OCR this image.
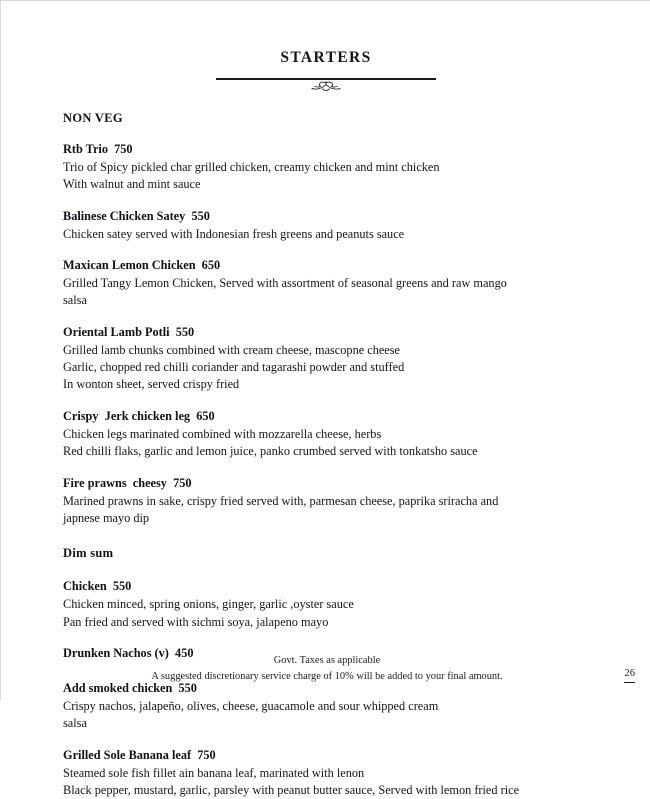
STARTERS
NON VEG
Rtb Trio  750
Trio of Spicy pickled char grilled chicken, creamy chicken and mint chicken
With walnut and mint sauce
Balinese Chicken Satey  550
Chicken satey served with Indonesian fresh greens and peanuts sauce
Maxican Lemon Chicken  650
Grilled Tangy Lemon Chicken, Served with assortment of seasonal greens and raw mango
salsa
Oriental Lamb Potli  550
Grilled lamb chunks combined with cream cheese, mascopne cheese
Garlic, chopped red chilli coriander and tagarashi powder and stuffed
In wonton sheet, served crispy fried
Crispy  Jerk chicken leg  650
Chicken legs marinated combined with mozzarella cheese, herbs
Red chilli flaks, garlic and lemon juice, panko crumbed served with tonkatsho sauce
Fire prawns  cheesy  750
Marined prawns in sake, crispy fried served with, parmesan cheese, paprika sriracha and
japnese mayo dip
Dim sum
Chicken  550
Chicken minced, spring onions, ginger, garlic ,oyster sauce
Pan fried and served with sichmi soya, jalapeno mayo
Drunken Nachos (v)  450
Add smoked chicken  550
Crispy nachos, jalapeño, olives, cheese, guacamole and sour whipped cream
salsa
Grilled Sole Banana leaf  750
Steamed sole fish fillet ain banana leaf, marinated with lenon
Black pepper, mustard, garlic, parsley with peanut butter sauce, Served with lemon fried rice
Govt. Taxes as applicable
A suggested discretionary service charge of 10% will be added to your final amount.	26
